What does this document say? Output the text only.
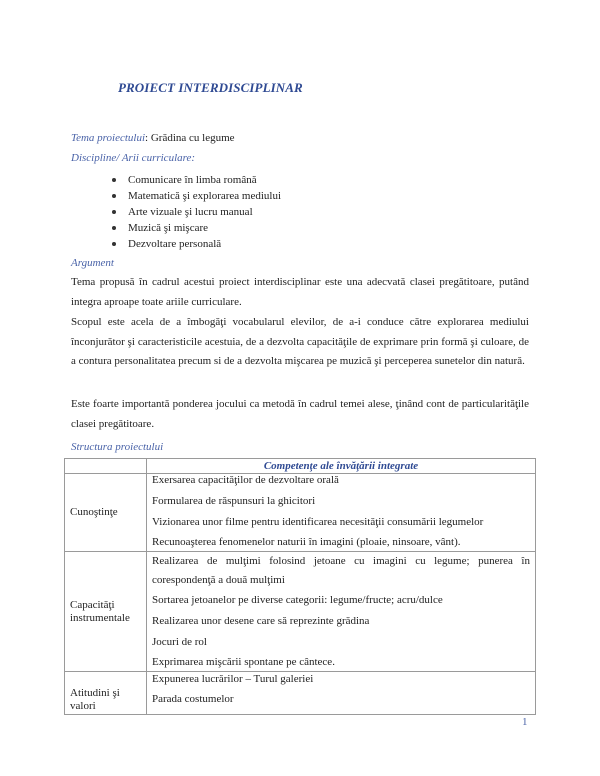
PROIECT INTERDISCIPLINAR
Tema proiectului: Grădina cu legume
Discipline/ Arii curriculare:
Comunicare în limba română
Matematică şi explorarea mediului
Arte vizuale şi lucru manual
Muzică şi mişcare
Dezvoltare personală
Argument

Tema propusă în cadrul acestui proiect interdisciplinar este una adecvată clasei pregătitoare, putând integra aproape toate ariile curriculare.

Scopul este acela de a îmbogăţi vocabularul elevilor, de a-i conduce către explorarea mediului înconjurător şi caracteristicile acestuia, de a dezvolta capacităţile de exprimare prin formă şi culoare, de a contura personalitatea precum si de a dezvolta mişcarea pe muzică şi perceperea sunetelor din natură.

Este foarte importantă ponderea jocului ca metodă în cadrul temei alese, ţinând cont de particularităţile clasei pregătitoare.

Structura proiectului
	Competenţe ale învăţării integrate
Cunoştinţe	Exersarea capacităţilor de dezvoltare orală
Formularea de răspunsuri la ghicitori
Vizionarea unor filme pentru identificarea necesităţii consumării legumelor
Recunoaşterea fenomenelor naturii în imagini (ploaie, ninsoare, vânt).

Capacităţi instrumentale	Realizarea de mulţimi folosind jetoane cu imagini cu legume; punerea în corespondenţă a două mulţimi
Sortarea jetoanelor pe diverse categorii: legume/fructe; acru/dulce
Realizarea unor desene care să reprezinte grădina
Jocuri de rol
Exprimarea mişcării spontane pe cântece.

Atitudini şi valori	Expunerea lucrărilor – Turul galeriei
Parada costumelor
1
